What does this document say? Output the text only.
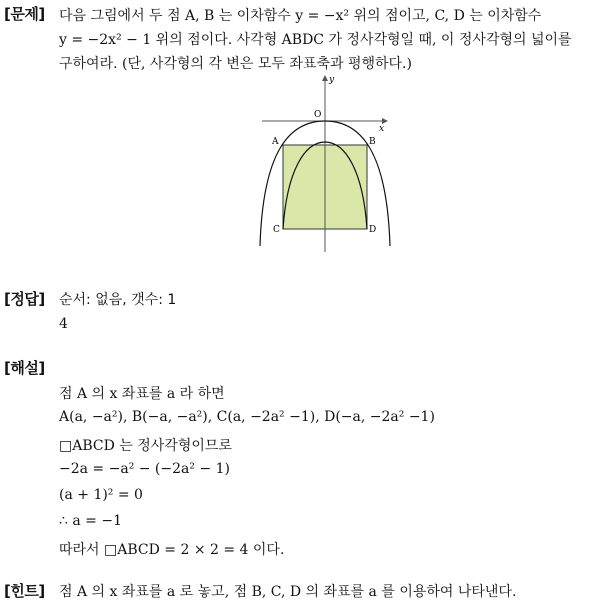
[문제] 다음 그림에서 두 점 A, B 는 이차함수 y = −x² 위의 점이고, C, D 는 이차함수
y = −2x² − 1 위의 점이다. 사각형 ABDC 가 정사각형일 때, 이 정사각형의 넓이를
구하여라. (단, 사각형의 각 변은 모두 좌표축과 평행하다.)
x
y
O
A	B
C	D
[정답] 순서: 없음, 갯수: 1
4
[해설]
점 A 의 x 좌표를 a 라 하면
A(a, −a²), B(−a, −a²), C(a, −2a² −1), D(−a, −2a² −1)
□ABCD 는 정사각형이므로
−2a = −a² − (−2a² − 1)
(a + 1)² = 0
∴ a = −1
따라서 □ABCD = 2 × 2 = 4 이다.
[힌트] 점 A 의 x 좌표를 a 로 놓고, 점 B, C, D 의 좌표를 a 를 이용하여 나타낸다.
